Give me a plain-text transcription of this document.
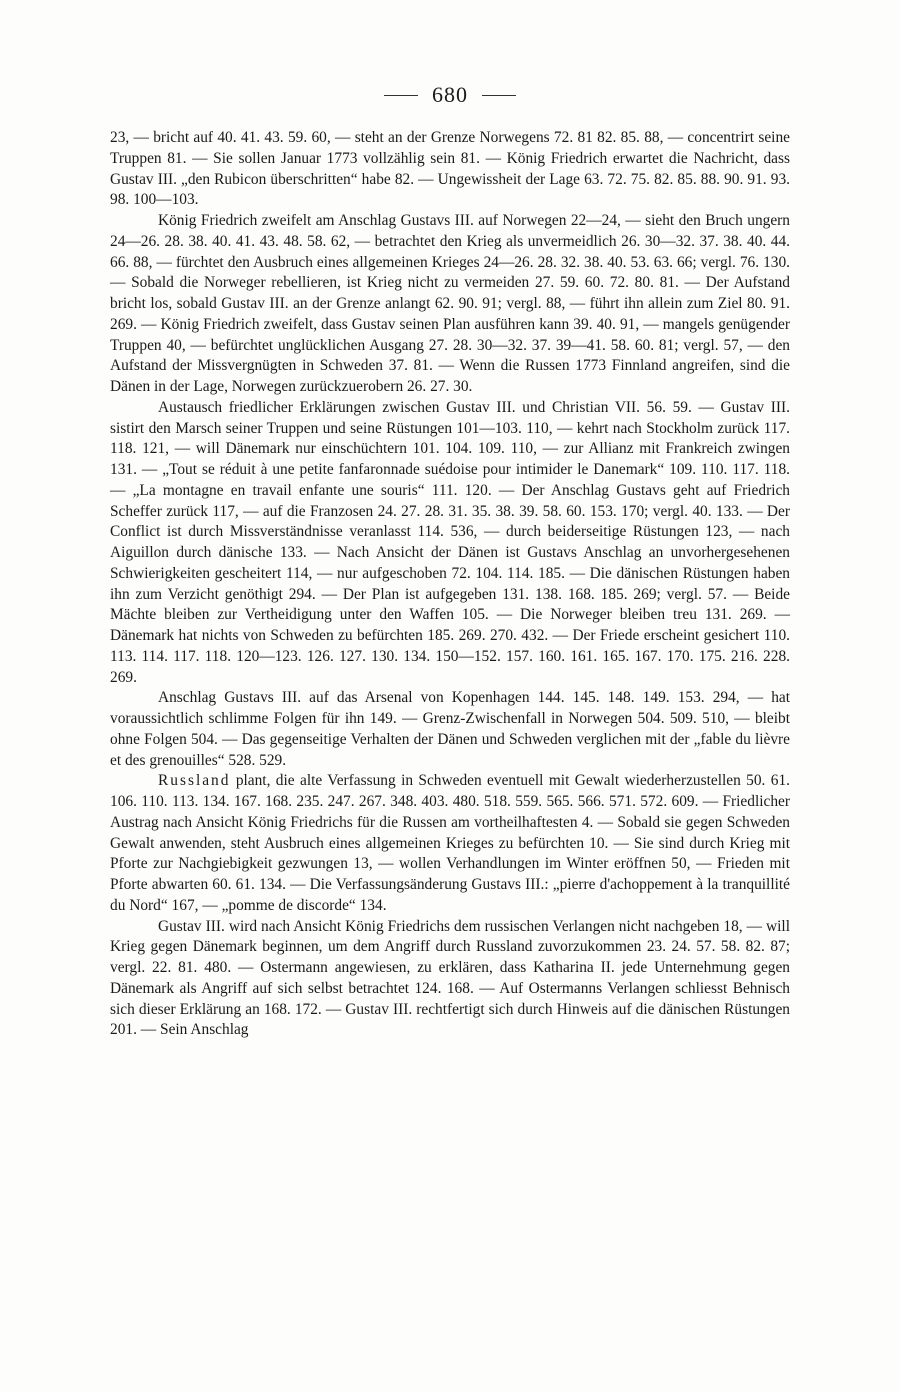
680

23, — bricht auf 40. 41. 43. 59. 60, — steht an der Grenze Norwegens 72. 81 82. 85. 88, — concentrirt seine Truppen 81. — Sie sollen Januar 1773 vollzählig sein 81. — König Friedrich erwartet die Nachricht, dass Gustav III. „den Rubicon überschritten“ habe 82. — Ungewissheit der Lage 63. 72. 75. 82. 85. 88. 90. 91. 93. 98. 100—103.

König Friedrich zweifelt am Anschlag Gustavs III. auf Norwegen 22—24, — sieht den Bruch ungern 24—26. 28. 38. 40. 41. 43. 48. 58. 62, — betrachtet den Krieg als unvermeidlich 26. 30—32. 37. 38. 40. 44. 66. 88, — fürchtet den Ausbruch eines allgemeinen Krieges 24—26. 28. 32. 38. 40. 53. 63. 66; vergl. 76. 130. — Sobald die Norweger rebellieren, ist Krieg nicht zu vermeiden 27. 59. 60. 72. 80. 81. — Der Aufstand bricht los, sobald Gustav III. an der Grenze anlangt 62. 90. 91; vergl. 88, — führt ihn allein zum Ziel 80. 91. 269. — König Friedrich zweifelt, dass Gustav seinen Plan ausführen kann 39. 40. 91, — mangels genügender Truppen 40, — befürchtet unglücklichen Ausgang 27. 28. 30—32. 37. 39—41. 58. 60. 81; vergl. 57, — den Aufstand der Missvergnügten in Schweden 37. 81. — Wenn die Russen 1773 Finnland angreifen, sind die Dänen in der Lage, Norwegen zurückzuerobern 26. 27. 30.

Austausch friedlicher Erklärungen zwischen Gustav III. und Christian VII. 56. 59. — Gustav III. sistirt den Marsch seiner Truppen und seine Rüstungen 101—103. 110, — kehrt nach Stockholm zurück 117. 118. 121, — will Dänemark nur einschüchtern 101. 104. 109. 110, — zur Allianz mit Frankreich zwingen 131. — „Tout se réduit à une petite fanfaronnade suédoise pour intimider le Danemark“ 109. 110. 117. 118. — „La montagne en travail enfante une souris“ 111. 120. — Der Anschlag Gustavs geht auf Friedrich Scheffer zurück 117, — auf die Franzosen 24. 27. 28. 31. 35. 38. 39. 58. 60. 153. 170; vergl. 40. 133. — Der Conflict ist durch Missverständnisse veranlasst 114. 536, — durch beiderseitige Rüstungen 123, — nach Aiguillon durch dänische 133. — Nach Ansicht der Dänen ist Gustavs Anschlag an unvorhergesehenen Schwierigkeiten gescheitert 114, — nur aufgeschoben 72. 104. 114. 185. — Die dänischen Rüstungen haben ihn zum Verzicht genöthigt 294. — Der Plan ist aufgegeben 131. 138. 168. 185. 269; vergl. 57. — Beide Mächte bleiben zur Vertheidigung unter den Waffen 105. — Die Norweger bleiben treu 131. 269. — Dänemark hat nichts von Schweden zu befürchten 185. 269. 270. 432. — Der Friede erscheint gesichert 110. 113. 114. 117. 118. 120—123. 126. 127. 130. 134. 150—152. 157. 160. 161. 165. 167. 170. 175. 216. 228. 269.

Anschlag Gustavs III. auf das Arsenal von Kopenhagen 144. 145. 148. 149. 153. 294, — hat voraussichtlich schlimme Folgen für ihn 149. — Grenz-Zwischenfall in Norwegen 504. 509. 510, — bleibt ohne Folgen 504. — Das gegenseitige Verhalten der Dänen und Schweden verglichen mit der „fable du lièvre et des grenouilles“ 528. 529.

Russland plant, die alte Verfassung in Schweden eventuell mit Gewalt wiederherzustellen 50. 61. 106. 110. 113. 134. 167. 168. 235. 247. 267. 348. 403. 480. 518. 559. 565. 566. 571. 572. 609. — Friedlicher Austrag nach Ansicht König Friedrichs für die Russen am vortheilhaftesten 4. — Sobald sie gegen Schweden Gewalt anwenden, steht Ausbruch eines allgemeinen Krieges zu befürchten 10. — Sie sind durch Krieg mit Pforte zur Nachgiebigkeit gezwungen 13, — wollen Verhandlungen im Winter eröffnen 50, — Frieden mit Pforte abwarten 60. 61. 134. — Die Verfassungsänderung Gustavs III.: „pierre d'achoppement à la tranquillité du Nord“ 167, — „pomme de discorde“ 134.

Gustav III. wird nach Ansicht König Friedrichs dem russischen Verlangen nicht nachgeben 18, — will Krieg gegen Dänemark beginnen, um dem Angriff durch Russland zuvorzukommen 23. 24. 57. 58. 82. 87; vergl. 22. 81. 480. — Ostermann angewiesen, zu erklären, dass Katharina II. jede Unternehmung gegen Dänemark als Angriff auf sich selbst betrachtet 124. 168. — Auf Ostermanns Verlangen schliesst Behnisch sich dieser Erklärung an 168. 172. — Gustav III. rechtfertigt sich durch Hinweis auf die dänischen Rüstungen 201. — Sein Anschlag
